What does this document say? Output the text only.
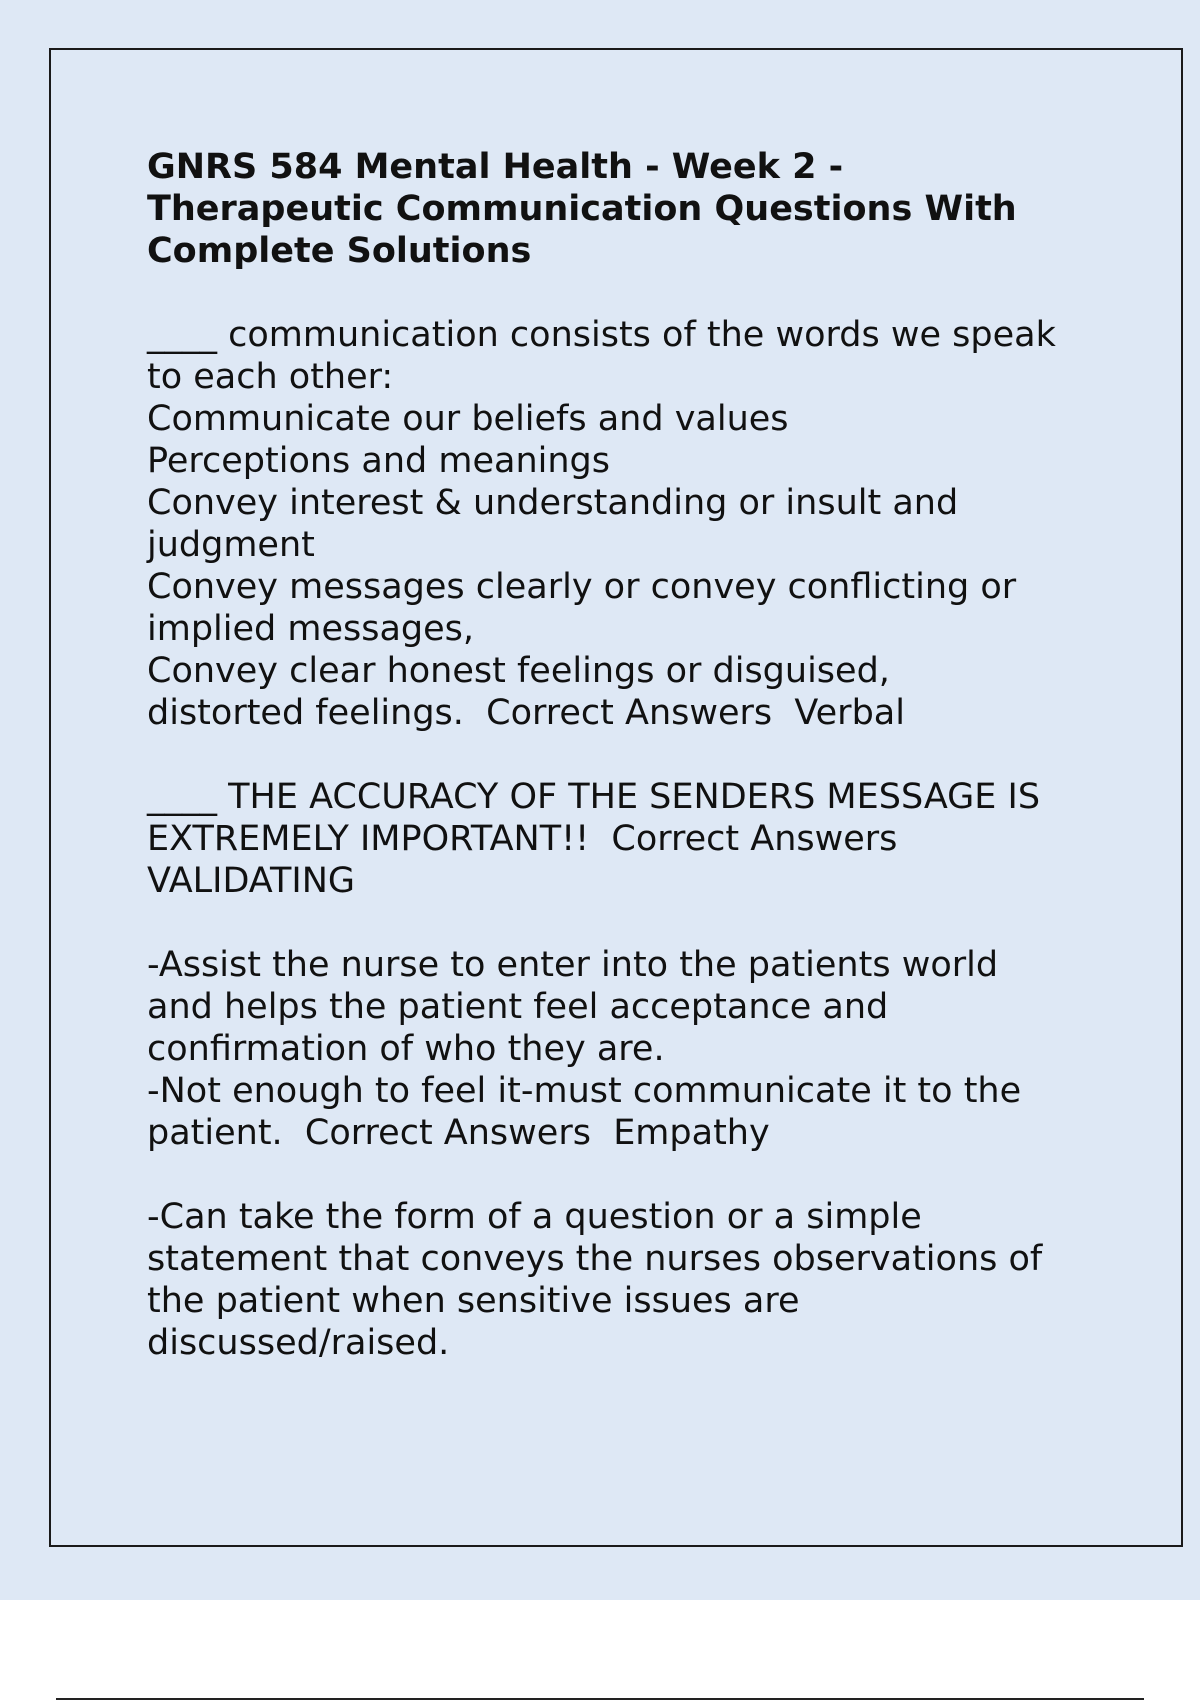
GNRS 584 Mental Health - Week 2 -
Therapeutic Communication Questions With
Complete Solutions
____ communication consists of the words we speak
to each other:
Communicate our beliefs and values
Perceptions and meanings
Convey interest & understanding or insult and
judgment
Convey messages clearly or convey conflicting or
implied messages,
Convey clear honest feelings or disguised,
distorted feelings.  Correct Answers  Verbal
____ THE ACCURACY OF THE SENDERS MESSAGE IS
EXTREMELY IMPORTANT!!  Correct Answers
VALIDATING
-Assist the nurse to enter into the patients world
and helps the patient feel acceptance and
confirmation of who they are.
-Not enough to feel it-must communicate it to the
patient.  Correct Answers  Empathy
-Can take the form of a question or a simple
statement that conveys the nurses observations of
the patient when sensitive issues are
discussed/raised.
